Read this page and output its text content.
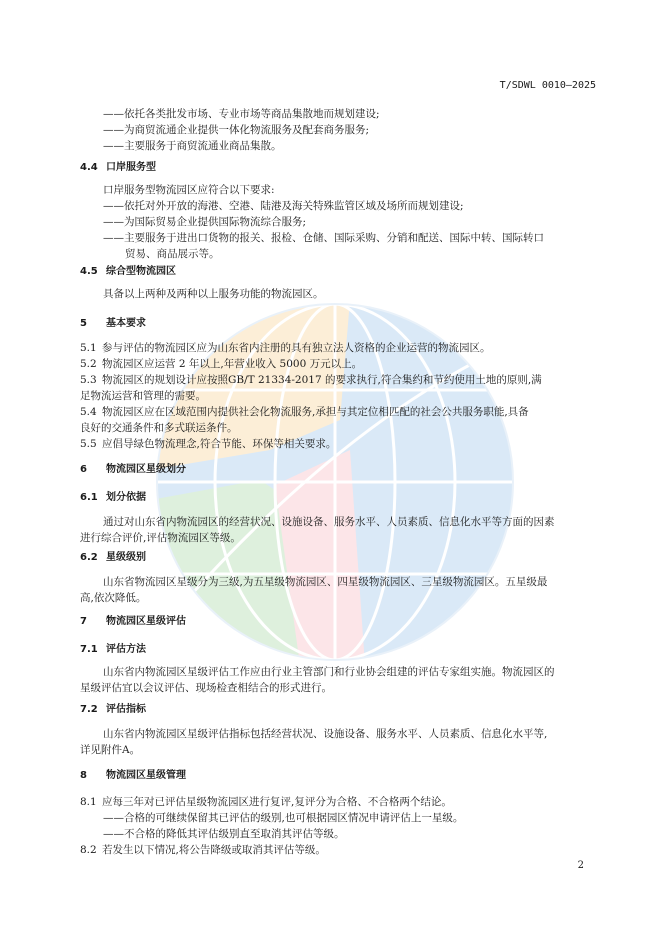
T/SDWL 0010—2025
——依托各类批发市场、专业市场等商品集散地而规划建设;
——为商贸流通企业提供一体化物流服务及配套商务服务;
——主要服务于商贸流通业商品集散。
4.4 口岸服务型
口岸服务型物流园区应符合以下要求:
——依托对外开放的海港、空港、陆港及海关特殊监管区域及场所而规划建设;
——为国际贸易企业提供国际物流综合服务;
——主要服务于进出口货物的报关、报检、仓储、国际采购、分销和配送、国际中转、国际转口
贸易、商品展示等。
4.5 综合型物流园区
具备以上两种及两种以上服务功能的物流园区。
5 基本要求
5.1 参与评估的物流园区应为山东省内注册的具有独立法人资格的企业运营的物流园区。
5.2 物流园区应运营 2 年以上,年营业收入 5000 万元以上。
5.3 物流园区的规划设计应按照GB/T 21334-2017 的要求执行,符合集约和节约使用土地的原则,满
足物流运营和管理的需要。
5.4 物流园区应在区域范围内提供社会化物流服务,承担与其定位相匹配的社会公共服务职能,具备
良好的交通条件和多式联运条件。
5.5 应倡导绿色物流理念,符合节能、环保等相关要求。
6 物流园区星级划分
6.1 划分依据
通过对山东省内物流园区的经营状况、设施设备、服务水平、人员素质、信息化水平等方面的因素
进行综合评价,评估物流园区等级。
6.2 星级级别
山东省物流园区星级分为三级,为五星级物流园区、四星级物流园区、三星级物流园区。五星级最
高,依次降低。
7 物流园区星级评估
7.1 评估方法
山东省内物流园区星级评估工作应由行业主管部门和行业协会组建的评估专家组实施。物流园区的
星级评估宜以会议评估、现场检查相结合的形式进行。
7.2 评估指标
山东省内物流园区星级评估指标包括经营状况、设施设备、服务水平、人员素质、信息化水平等,
详见附件A。
8 物流园区星级管理
8.1 应每三年对已评估星级物流园区进行复评,复评分为合格、不合格两个结论。
——合格的可继续保留其已评估的级别,也可根据园区情况申请评估上一星级。
——不合格的降低其评估级别直至取消其评估等级。
8.2 若发生以下情况,将公告降级或取消其评估等级。
2
